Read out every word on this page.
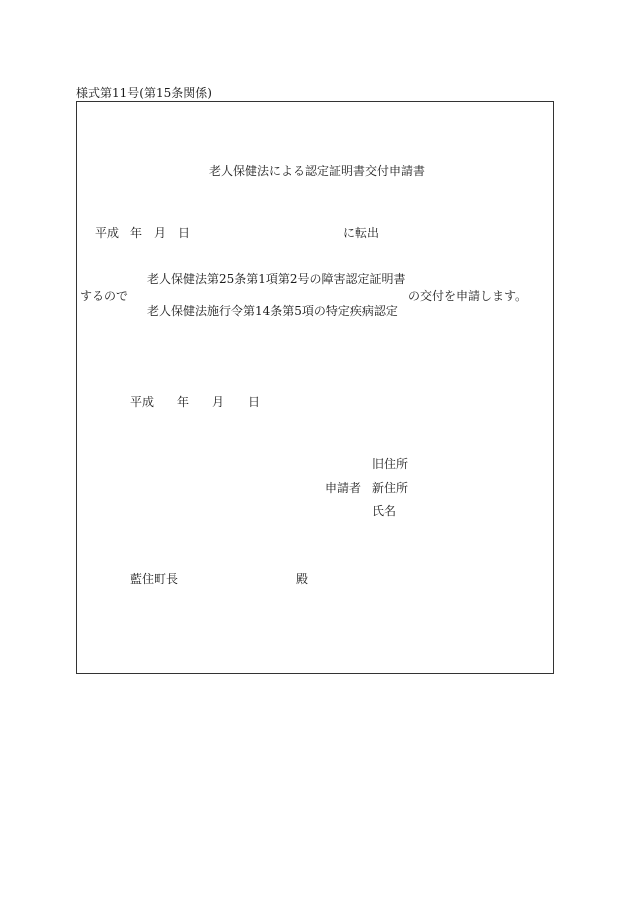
様式第11号(第15条関係)
老人保健法による認定証明書交付申請書
平成 年 月 日	に転出
するので
老人保健法第25条第1項第2号の障害認定証明書
老人保健法施行令第14条第5項の特定疾病認定
の交付を申請します。
平成 年 月 日
旧住所
申請者 新住所
氏名
藍住町長	殿
